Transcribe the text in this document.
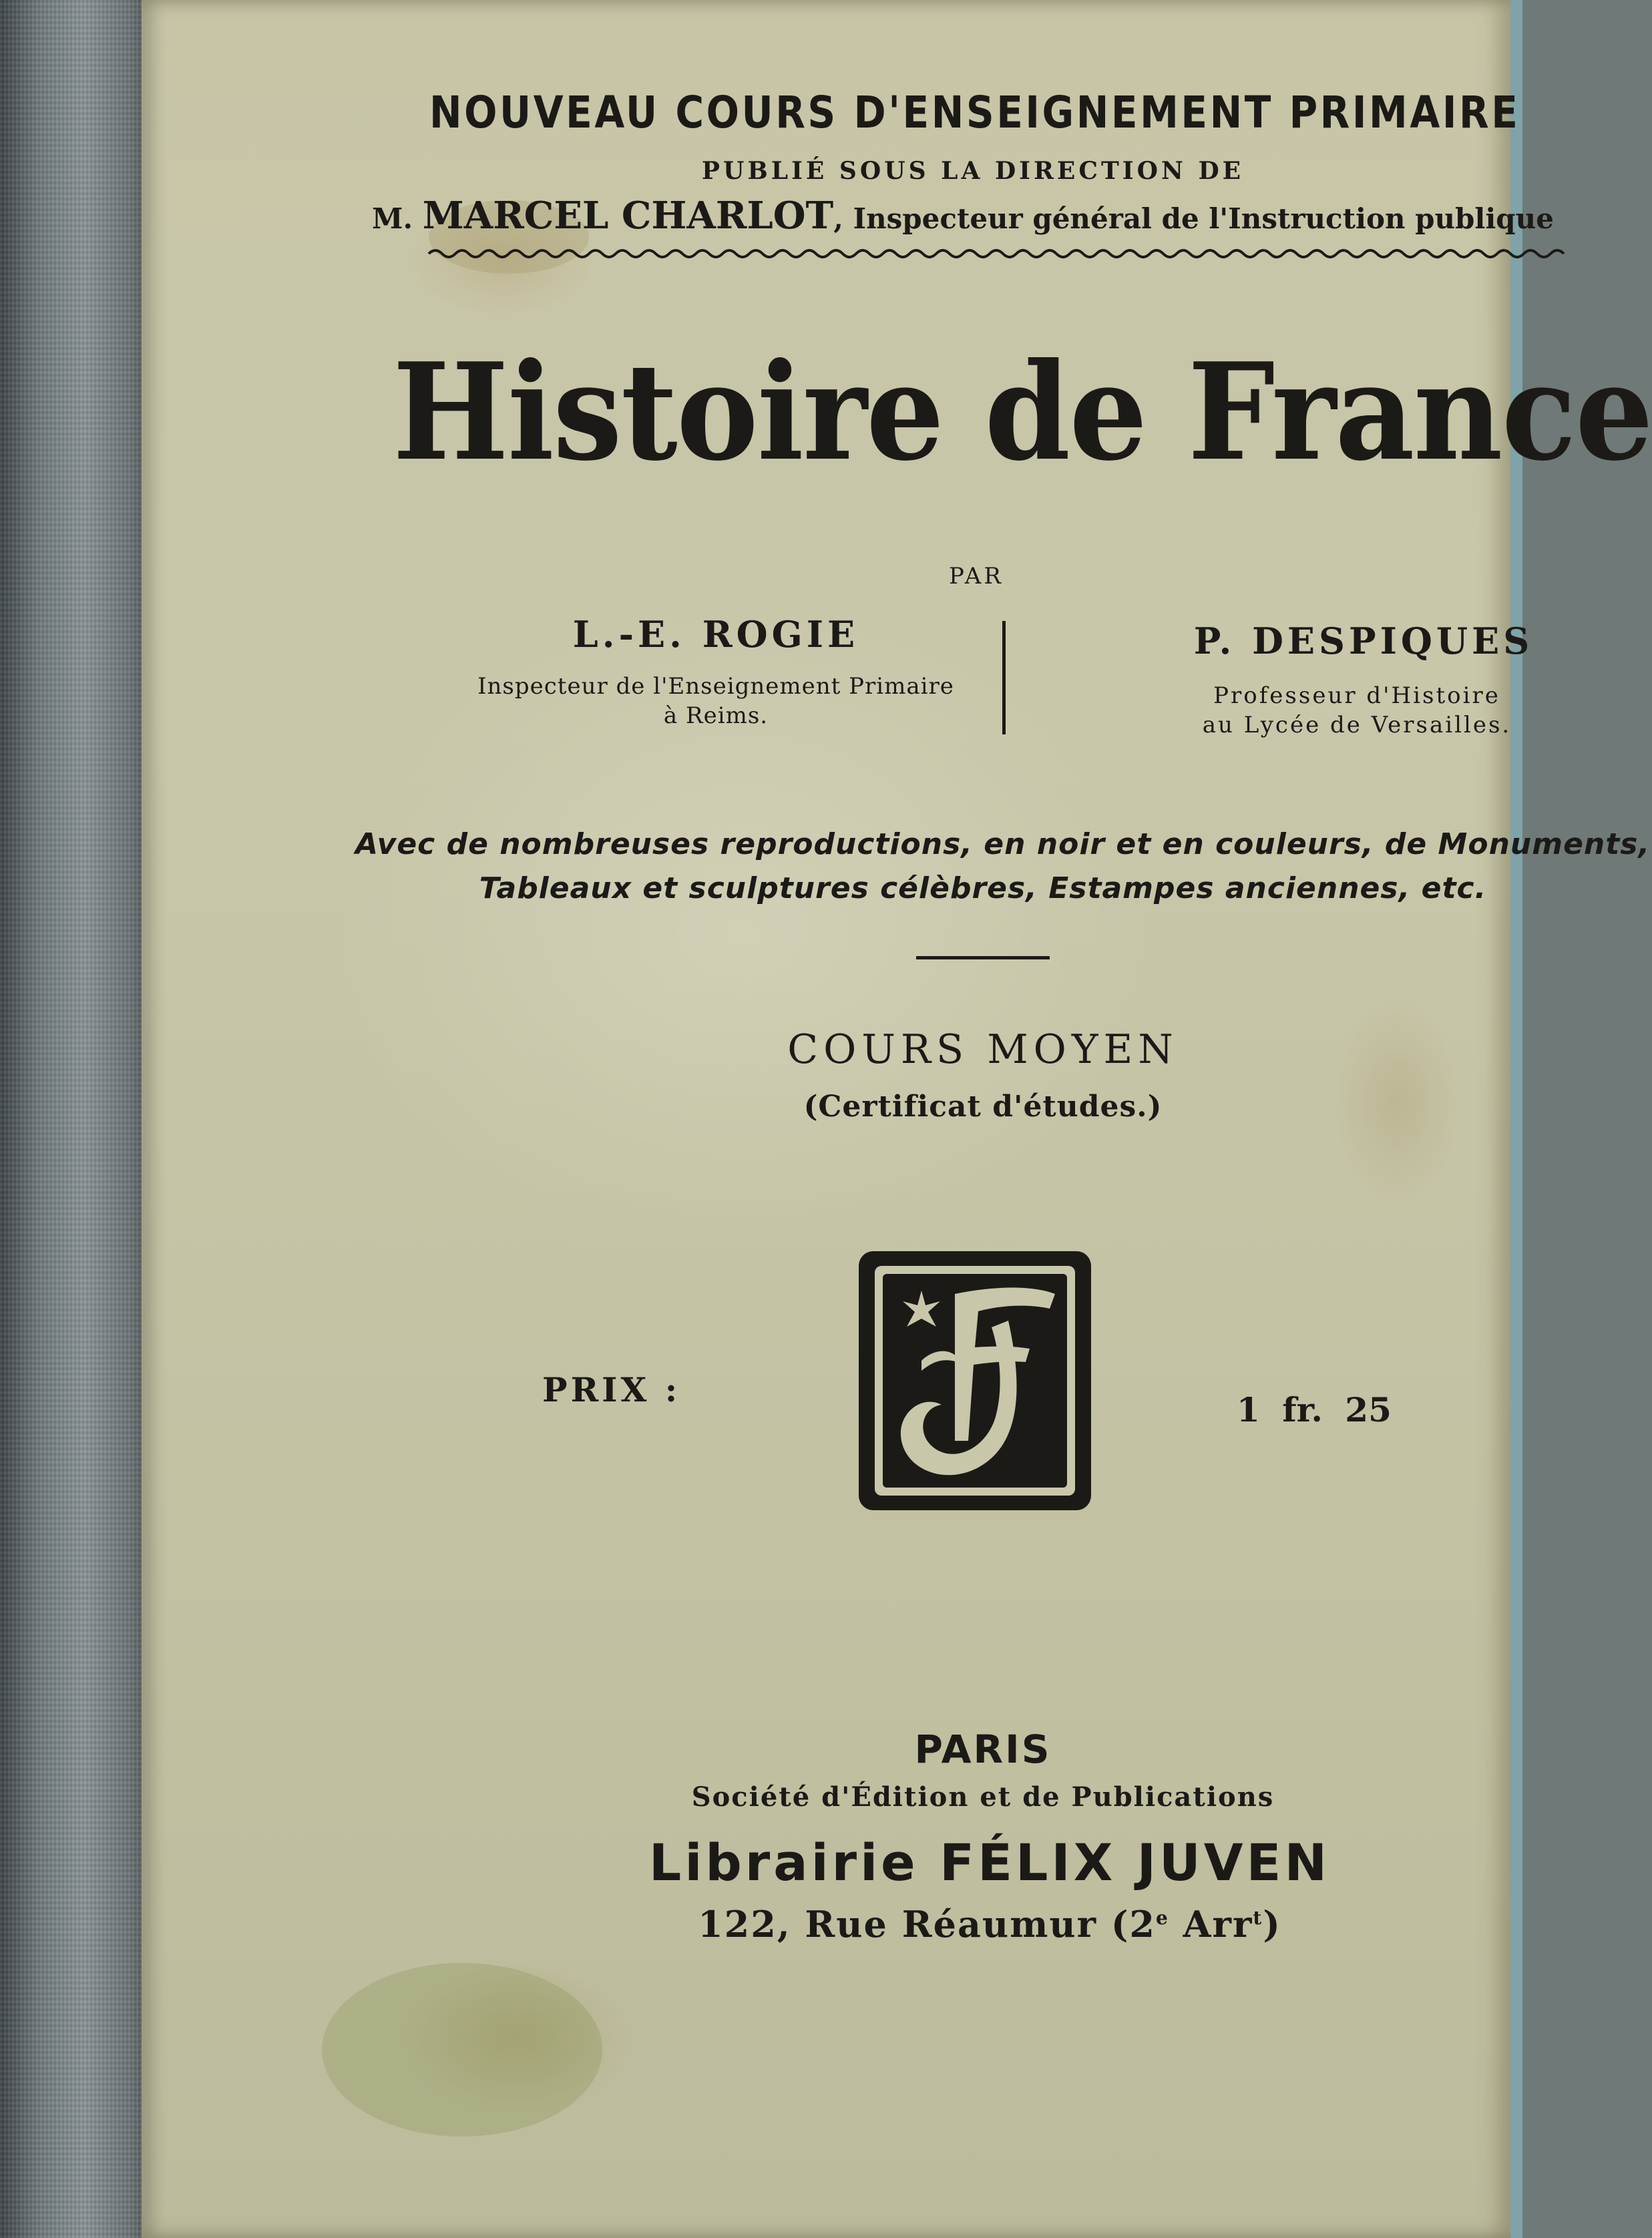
NOUVEAU COURS D'ENSEIGNEMENT PRIMAIRE
PUBLIÉ SOUS LA DIRECTION DE
M. MARCEL CHARLOT, Inspecteur général de l'Instruction publique
Histoire de France
PAR
L.-E. ROGIE
Inspecteur de l'Enseignement Primaire
à Reims.
P. DESPIQUES
Professeur d'Histoire
au Lycée de Versailles.
Avec de nombreuses reproductions, en noir et en couleurs, de Monuments,
Tableaux et sculptures célèbres, Estampes anciennes, etc.
COURS MOYEN
(Certificat d'études.)
PRIX :
1 fr. 25
PARIS
Société d'Édition et de Publications
Librairie FÉLIX JUVEN
122, Rue Réaumur (2e Arr$^t$)
